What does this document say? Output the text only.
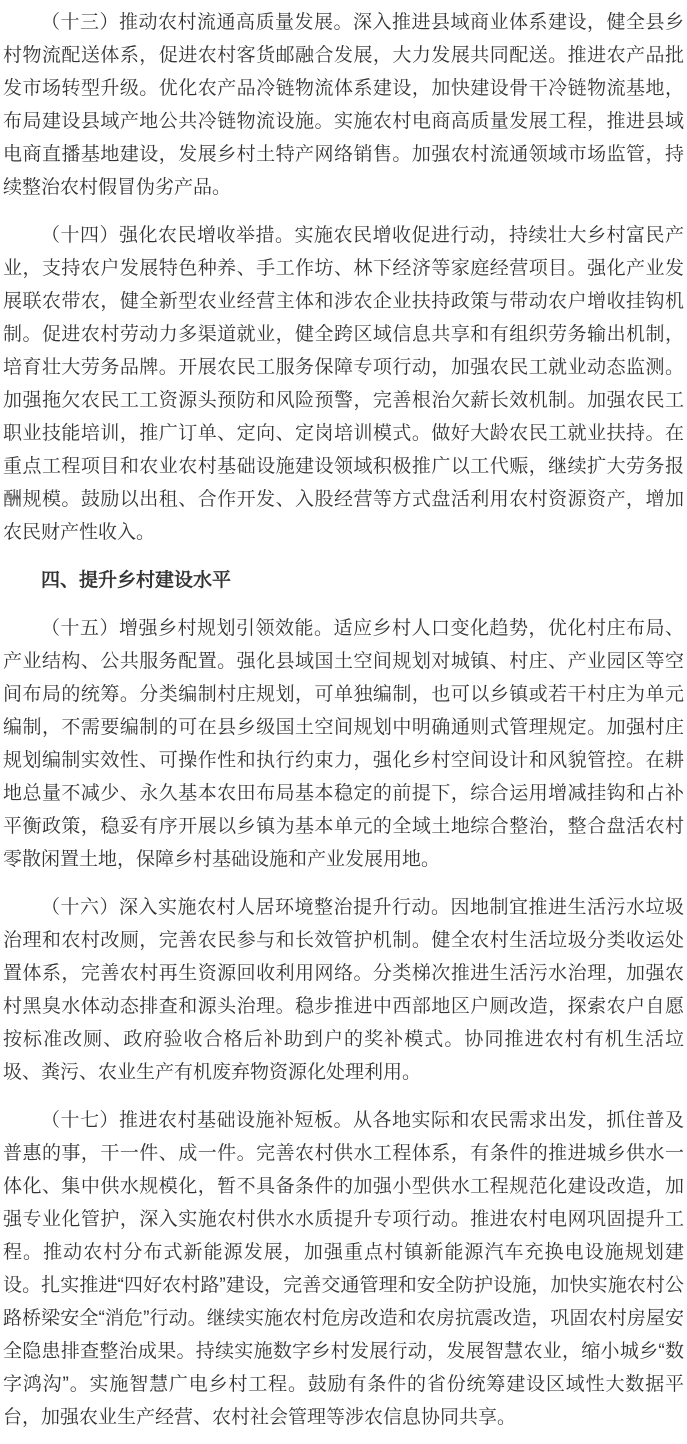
（十三）推动农村流通高质量发展。深入推进县域商业体系建设，健全县乡村物流配送体系，促进农村客货邮融合发展，大力发展共同配送。推进农产品批发市场转型升级。优化农产品冷链物流体系建设，加快建设骨干冷链物流基地，布局建设县域产地公共冷链物流设施。实施农村电商高质量发展工程，推进县域电商直播基地建设，发展乡村土特产网络销售。加强农村流通领域市场监管，持续整治农村假冒伪劣产品。

（十四）强化农民增收举措。实施农民增收促进行动，持续壮大乡村富民产业，支持农户发展特色种养、手工作坊、林下经济等家庭经营项目。强化产业发展联农带农，健全新型农业经营主体和涉农企业扶持政策与带动农户增收挂钩机制。促进农村劳动力多渠道就业，健全跨区域信息共享和有组织劳务输出机制，培育壮大劳务品牌。开展农民工服务保障专项行动，加强农民工就业动态监测。加强拖欠农民工工资源头预防和风险预警，完善根治欠薪长效机制。加强农民工职业技能培训，推广订单、定向、定岗培训模式。做好大龄农民工就业扶持。在重点工程项目和农业农村基础设施建设领域积极推广以工代赈，继续扩大劳务报酬规模。鼓励以出租、合作开发、入股经营等方式盘活利用农村资源资产，增加农民财产性收入。

四、提升乡村建设水平

（十五）增强乡村规划引领效能。适应乡村人口变化趋势，优化村庄布局、产业结构、公共服务配置。强化县域国土空间规划对城镇、村庄、产业园区等空间布局的统筹。分类编制村庄规划，可单独编制，也可以乡镇或若干村庄为单元编制，不需要编制的可在县乡级国土空间规划中明确通则式管理规定。加强村庄规划编制实效性、可操作性和执行约束力，强化乡村空间设计和风貌管控。在耕地总量不减少、永久基本农田布局基本稳定的前提下，综合运用增减挂钩和占补平衡政策，稳妥有序开展以乡镇为基本单元的全域土地综合整治，整合盘活农村零散闲置土地，保障乡村基础设施和产业发展用地。

（十六）深入实施农村人居环境整治提升行动。因地制宜推进生活污水垃圾治理和农村改厕，完善农民参与和长效管护机制。健全农村生活垃圾分类收运处置体系，完善农村再生资源回收利用网络。分类梯次推进生活污水治理，加强农村黑臭水体动态排查和源头治理。稳步推进中西部地区户厕改造，探索农户自愿按标准改厕、政府验收合格后补助到户的奖补模式。协同推进农村有机生活垃圾、粪污、农业生产有机废弃物资源化处理利用。

（十七）推进农村基础设施补短板。从各地实际和农民需求出发，抓住普及普惠的事，干一件、成一件。完善农村供水工程体系，有条件的推进城乡供水一体化、集中供水规模化，暂不具备条件的加强小型供水工程规范化建设改造，加强专业化管护，深入实施农村供水水质提升专项行动。推进农村电网巩固提升工程。推动农村分布式新能源发展，加强重点村镇新能源汽车充换电设施规划建设。扎实推进“四好农村路”建设，完善交通管理和安全防护设施，加快实施农村公路桥梁安全“消危”行动。继续实施农村危房改造和农房抗震改造，巩固农村房屋安全隐患排查整治成果。持续实施数字乡村发展行动，发展智慧农业，缩小城乡“数字鸿沟”。实施智慧广电乡村工程。鼓励有条件的省份统筹建设区域性大数据平台，加强农业生产经营、农村社会管理等涉农信息协同共享。
